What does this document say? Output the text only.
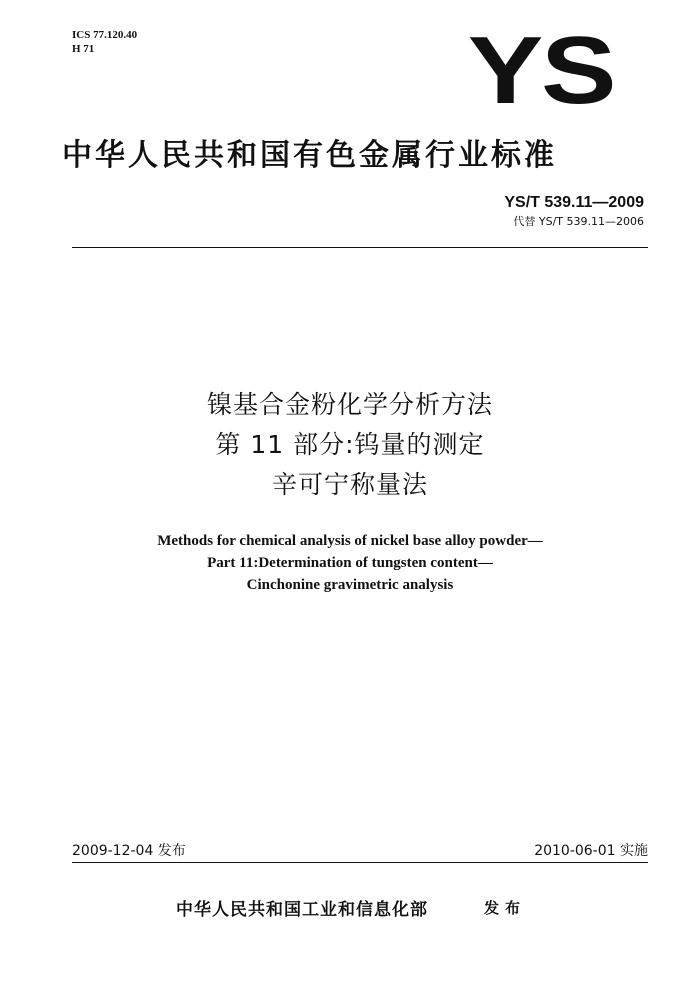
ICS 77.120.40
H 71	YS
中华人民共和国有色金属行业标准
YS/T 539.11—2009
代替 YS/T 539.11—2006
镍基合金粉化学分析方法
第 11 部分:钨量的测定
辛可宁称量法
Methods for chemical analysis of nickel base alloy powder—
Part 11:Determination of tungsten content—
Cinchonine gravimetric analysis
2009-12-04 发布	2010-06-01 实施
中华人民共和国工业和信息化部	发布
